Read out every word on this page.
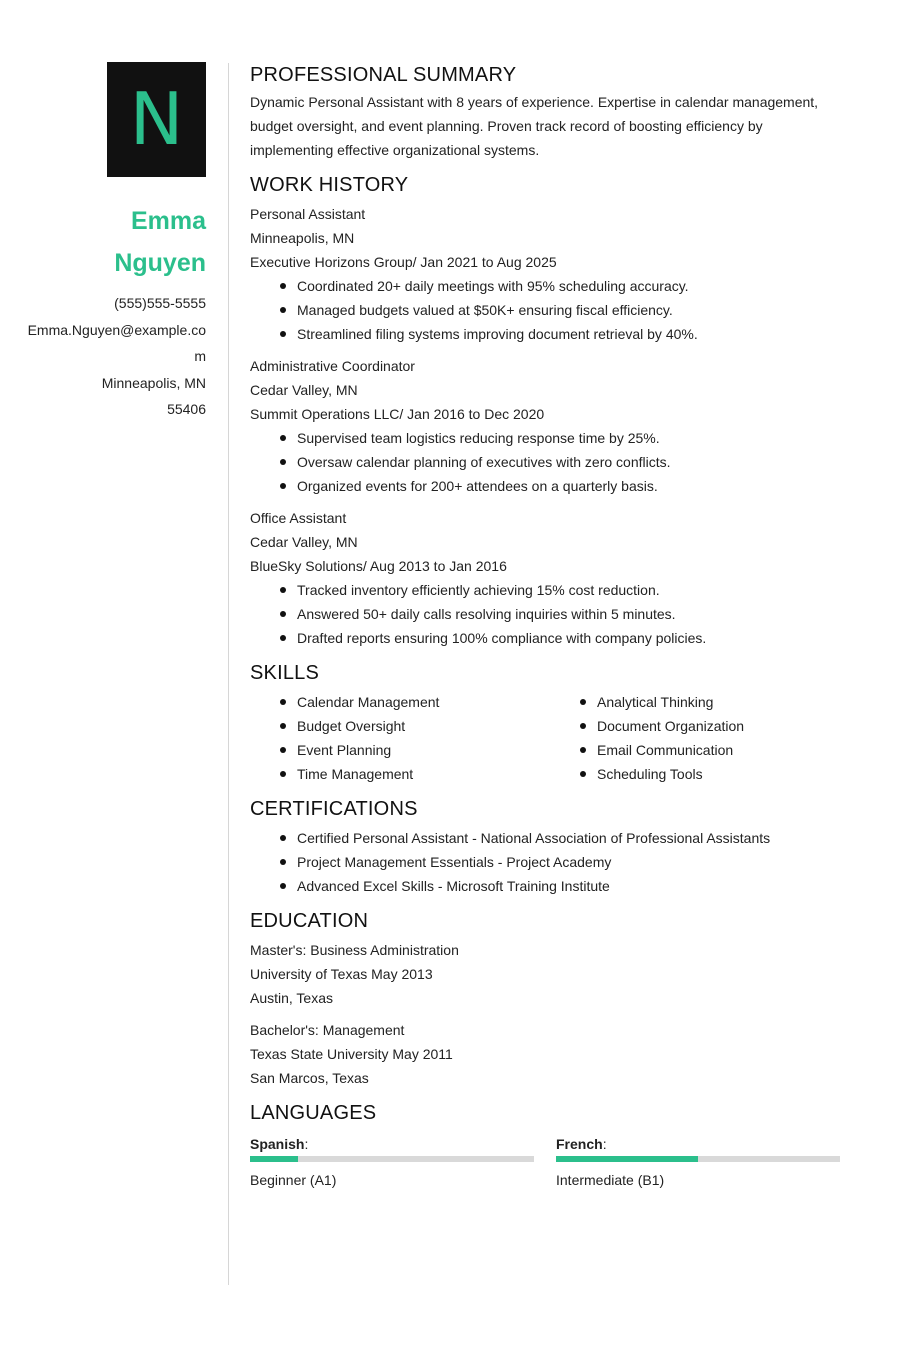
N
Emma
Nguyen
(555)555-5555
Emma.Nguyen@example.com
Minneapolis, MN
55406
PROFESSIONAL SUMMARY

Dynamic Personal Assistant with 8 years of experience. Expertise in calendar management, budget oversight, and event planning. Proven track record of boosting efficiency by implementing effective organizational systems.

WORK HISTORY
Personal Assistant
Minneapolis, MN
Executive Horizons Group/ Jan 2021 to Aug 2025
Coordinated 20+ daily meetings with 95% scheduling accuracy.
Managed budgets valued at $50K+ ensuring fiscal efficiency.
Streamlined filing systems improving document retrieval by 40%.
Administrative Coordinator
Cedar Valley, MN
Summit Operations LLC/ Jan 2016 to Dec 2020
Supervised team logistics reducing response time by 25%.
Oversaw calendar planning of executives with zero conflicts.
Organized events for 200+ attendees on a quarterly basis.
Office Assistant
Cedar Valley, MN
BlueSky Solutions/ Aug 2013 to Jan 2016
Tracked inventory efficiently achieving 15% cost reduction.
Answered 50+ daily calls resolving inquiries within 5 minutes.
Drafted reports ensuring 100% compliance with company policies.
SKILLS
Calendar Management
Budget Oversight
Event Planning
Time Management
Analytical Thinking
Document Organization
Email Communication
Scheduling Tools
CERTIFICATIONS
Certified Personal Assistant - National Association of Professional Assistants
Project Management Essentials - Project Academy
Advanced Excel Skills - Microsoft Training Institute
EDUCATION
Master's: Business Administration
University of Texas May 2013
Austin, Texas
Bachelor's: Management
Texas State University May 2011
San Marcos, Texas
LANGUAGES
Spanish:
Beginner (A1)
French:
Intermediate (B1)
